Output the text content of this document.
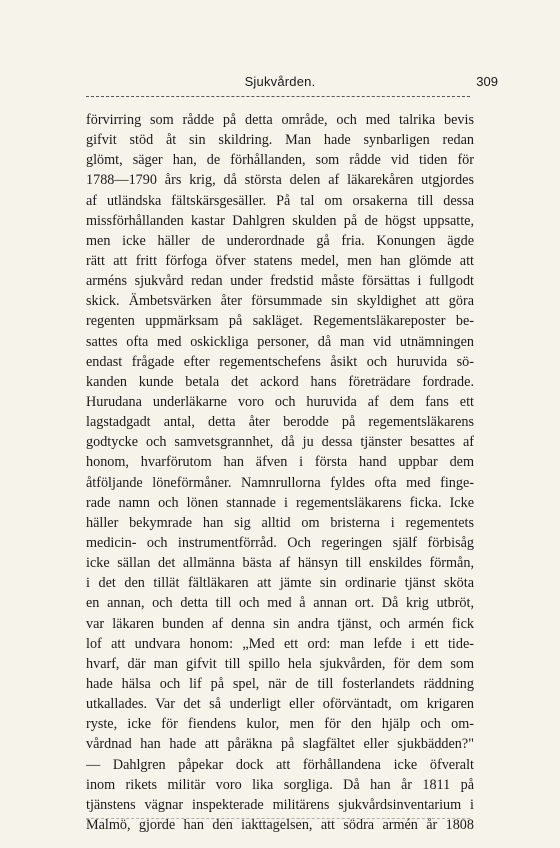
Sjukvården.	309
förvirring som rådde på detta område, och med talrika bevis
gifvit stöd åt sin skildring. Man hade synbarligen redan
glömt, säger han, de förhållanden, som rådde vid tiden för
1788—1790 års krig, då största delen af läkarekåren utgjordes
af utländska fältskärsgesäller. På tal om orsakerna till dessa
missförhållanden kastar Dahlgren skulden på de högst uppsatte,
men icke häller de underordnade gå fria. Konungen ägde
rätt att fritt förfoga öfver statens medel, men han glömde att
arméns sjukvård redan under fredstid måste försättas i fullgodt
skick. Ämbetsvärken åter försummade sin skyldighet att göra
regenten uppmärksam på sakläget. Regementsläkareposter be-
sattes ofta med oskickliga personer, då man vid utnämningen
endast frågade efter regementschefens åsikt och huruvida sö-
kanden kunde betala det ackord hans företrädare fordrade.
Hurudana underläkarne voro och huruvida af dem fans ett
lagstadgadt antal, detta åter berodde på regementsläkarens
godtycke och samvetsgrannhet, då ju dessa tjänster besattes af
honom, hvarförutom han äfven i första hand uppbar dem
åtföljande löneförmåner. Namnrullorna fyldes ofta med finge-
rade namn och lönen stannade i regementsläkarens ficka. Icke
häller bekymrade han sig alltid om bristerna i regementets
medicin- och instrumentförråd. Och regeringen själf förbisåg
icke sällan det allmänna bästa af hänsyn till enskildes förmån,
i det den tillät fältläkaren att jämte sin ordinarie tjänst sköta
en annan, och detta till och med å annan ort. Då krig utbröt,
var läkaren bunden af denna sin andra tjänst, och armén fick
lof att undvara honom: „Med ett ord: man lefde i ett tide-
hvarf, där man gifvit till spillo hela sjukvården, för dem som
hade hälsa och lif på spel, när de till fosterlandets räddning
utkallades. Var det så underligt eller oförväntadt, om krigaren
ryste, icke för fiendens kulor, men för den hjälp och om-
vårdnad han hade att påräkna på slagfältet eller sjukbädden?"
— Dahlgren påpekar dock att förhållandena icke öfveralt
inom rikets militär voro lika sorgliga. Då han år 1811 på
tjänstens vägnar inspekterade militärens sjukvårdsinventarium i
Malmö, gjorde han den iakttagelsen, att södra armén år 1808
